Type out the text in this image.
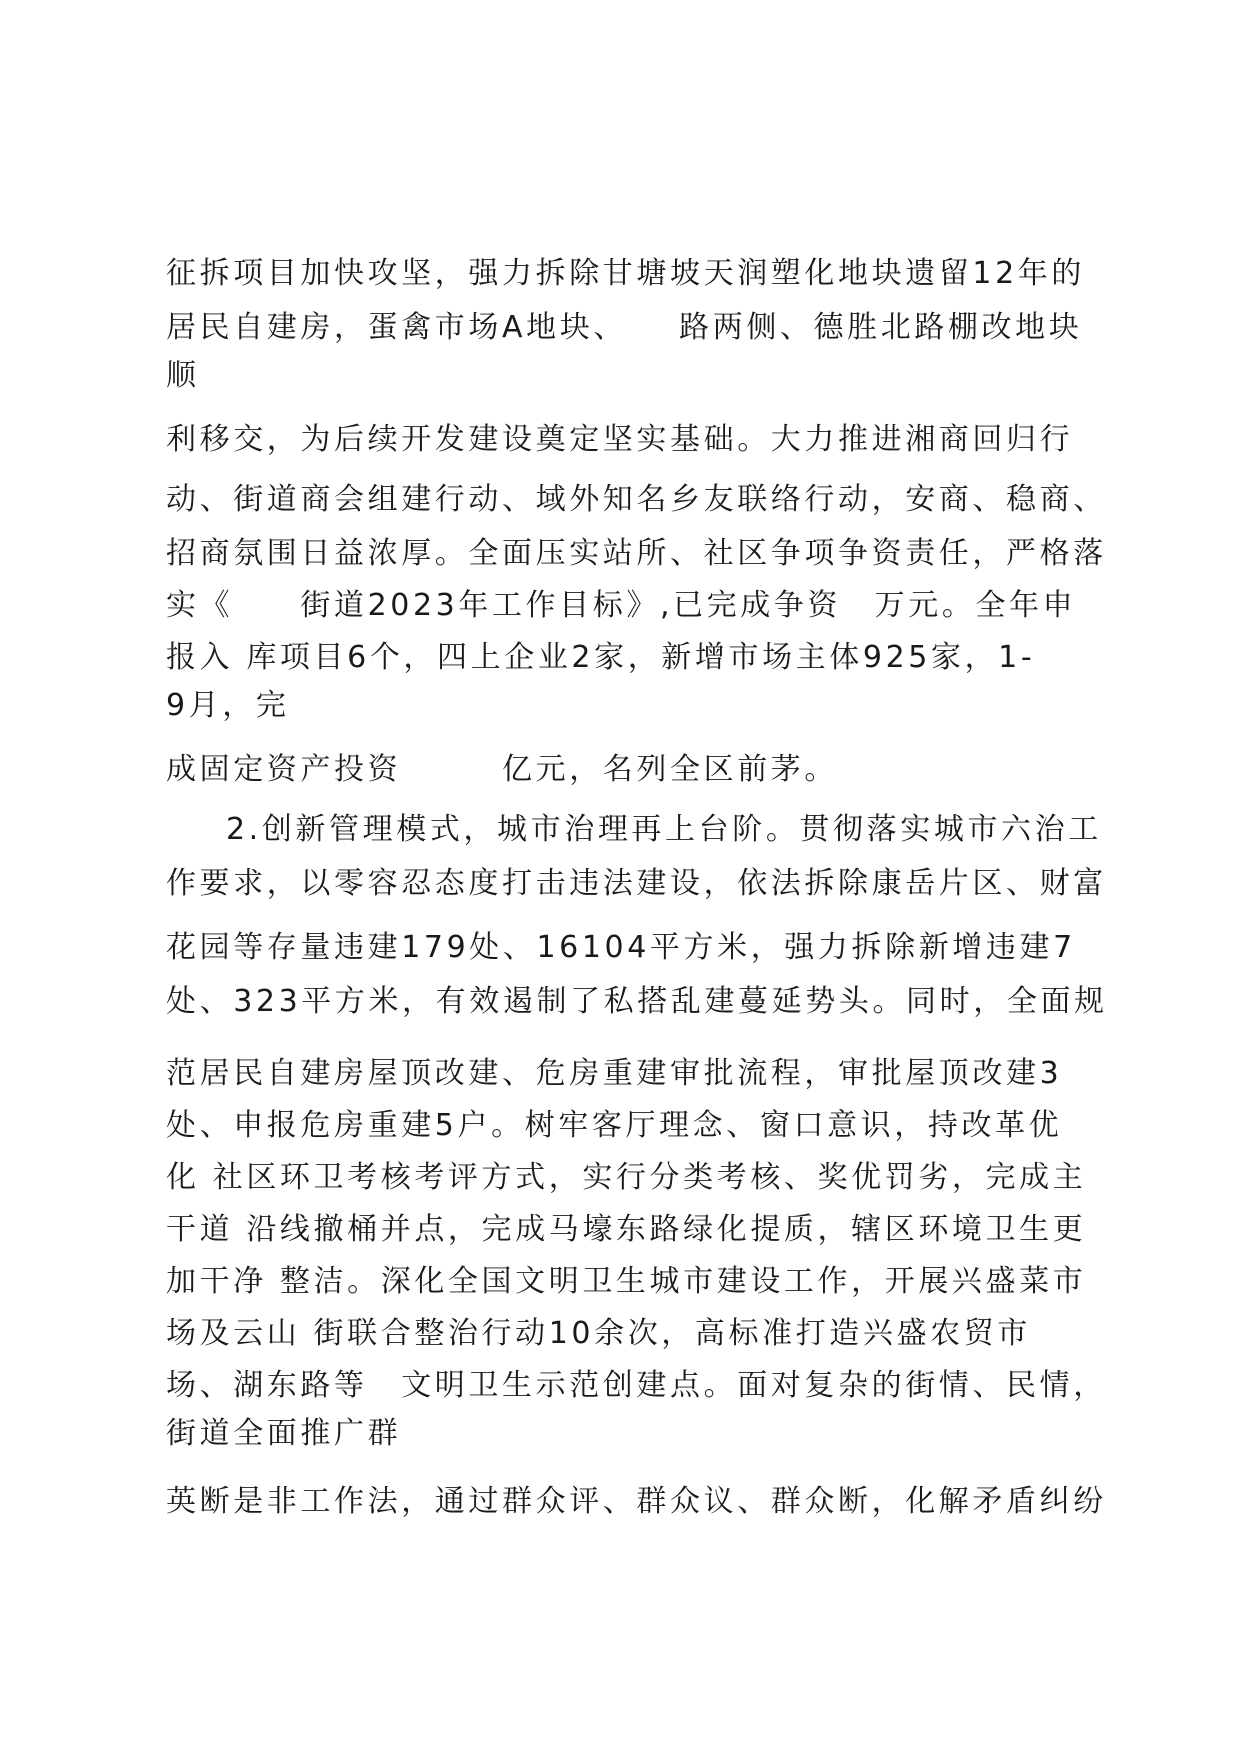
征拆项目加快攻坚，强力拆除甘塘坡天润塑化地块遗留12年的

居民自建房，蛋禽市场A地块、　　路两侧、德胜北路棚改地块

顺

利移交，为后续开发建设奠定坚实基础。大力推进湘商回归行

动、街道商会组建行动、域外知名乡友联络行动，安商、稳商、

招商氛围日益浓厚。全面压实站所、社区争项争资责任，严格落

实《　　街道2023年工作目标》,已完成争资　万元。全年申

报入 库项目6个，四上企业2家，新增市场主体925家，1-

9月，完

成固定资产投资　　　亿元，名列全区前茅。

2.创新管理模式，城市治理再上台阶。贯彻落实城市六治工

作要求，以零容忍态度打击违法建设，依法拆除康岳片区、财富

花园等存量违建179处、16104平方米，强力拆除新增违建7

处、323平方米，有效遏制了私搭乱建蔓延势头。同时，全面规

范居民自建房屋顶改建、危房重建审批流程，审批屋顶改建3

处、申报危房重建5户。树牢客厅理念、窗口意识，持改革优

化 社区环卫考核考评方式，实行分类考核、奖优罚劣，完成主

干道 沿线撤桶并点，完成马壕东路绿化提质，辖区环境卫生更

加干净 整洁。深化全国文明卫生城市建设工作，开展兴盛菜市

场及云山 街联合整治行动10余次，高标准打造兴盛农贸市

场、湖东路等　文明卫生示范创建点。面对复杂的街情、民情，

街道全面推广群

英断是非工作法，通过群众评、群众议、群众断，化解矛盾纠纷
